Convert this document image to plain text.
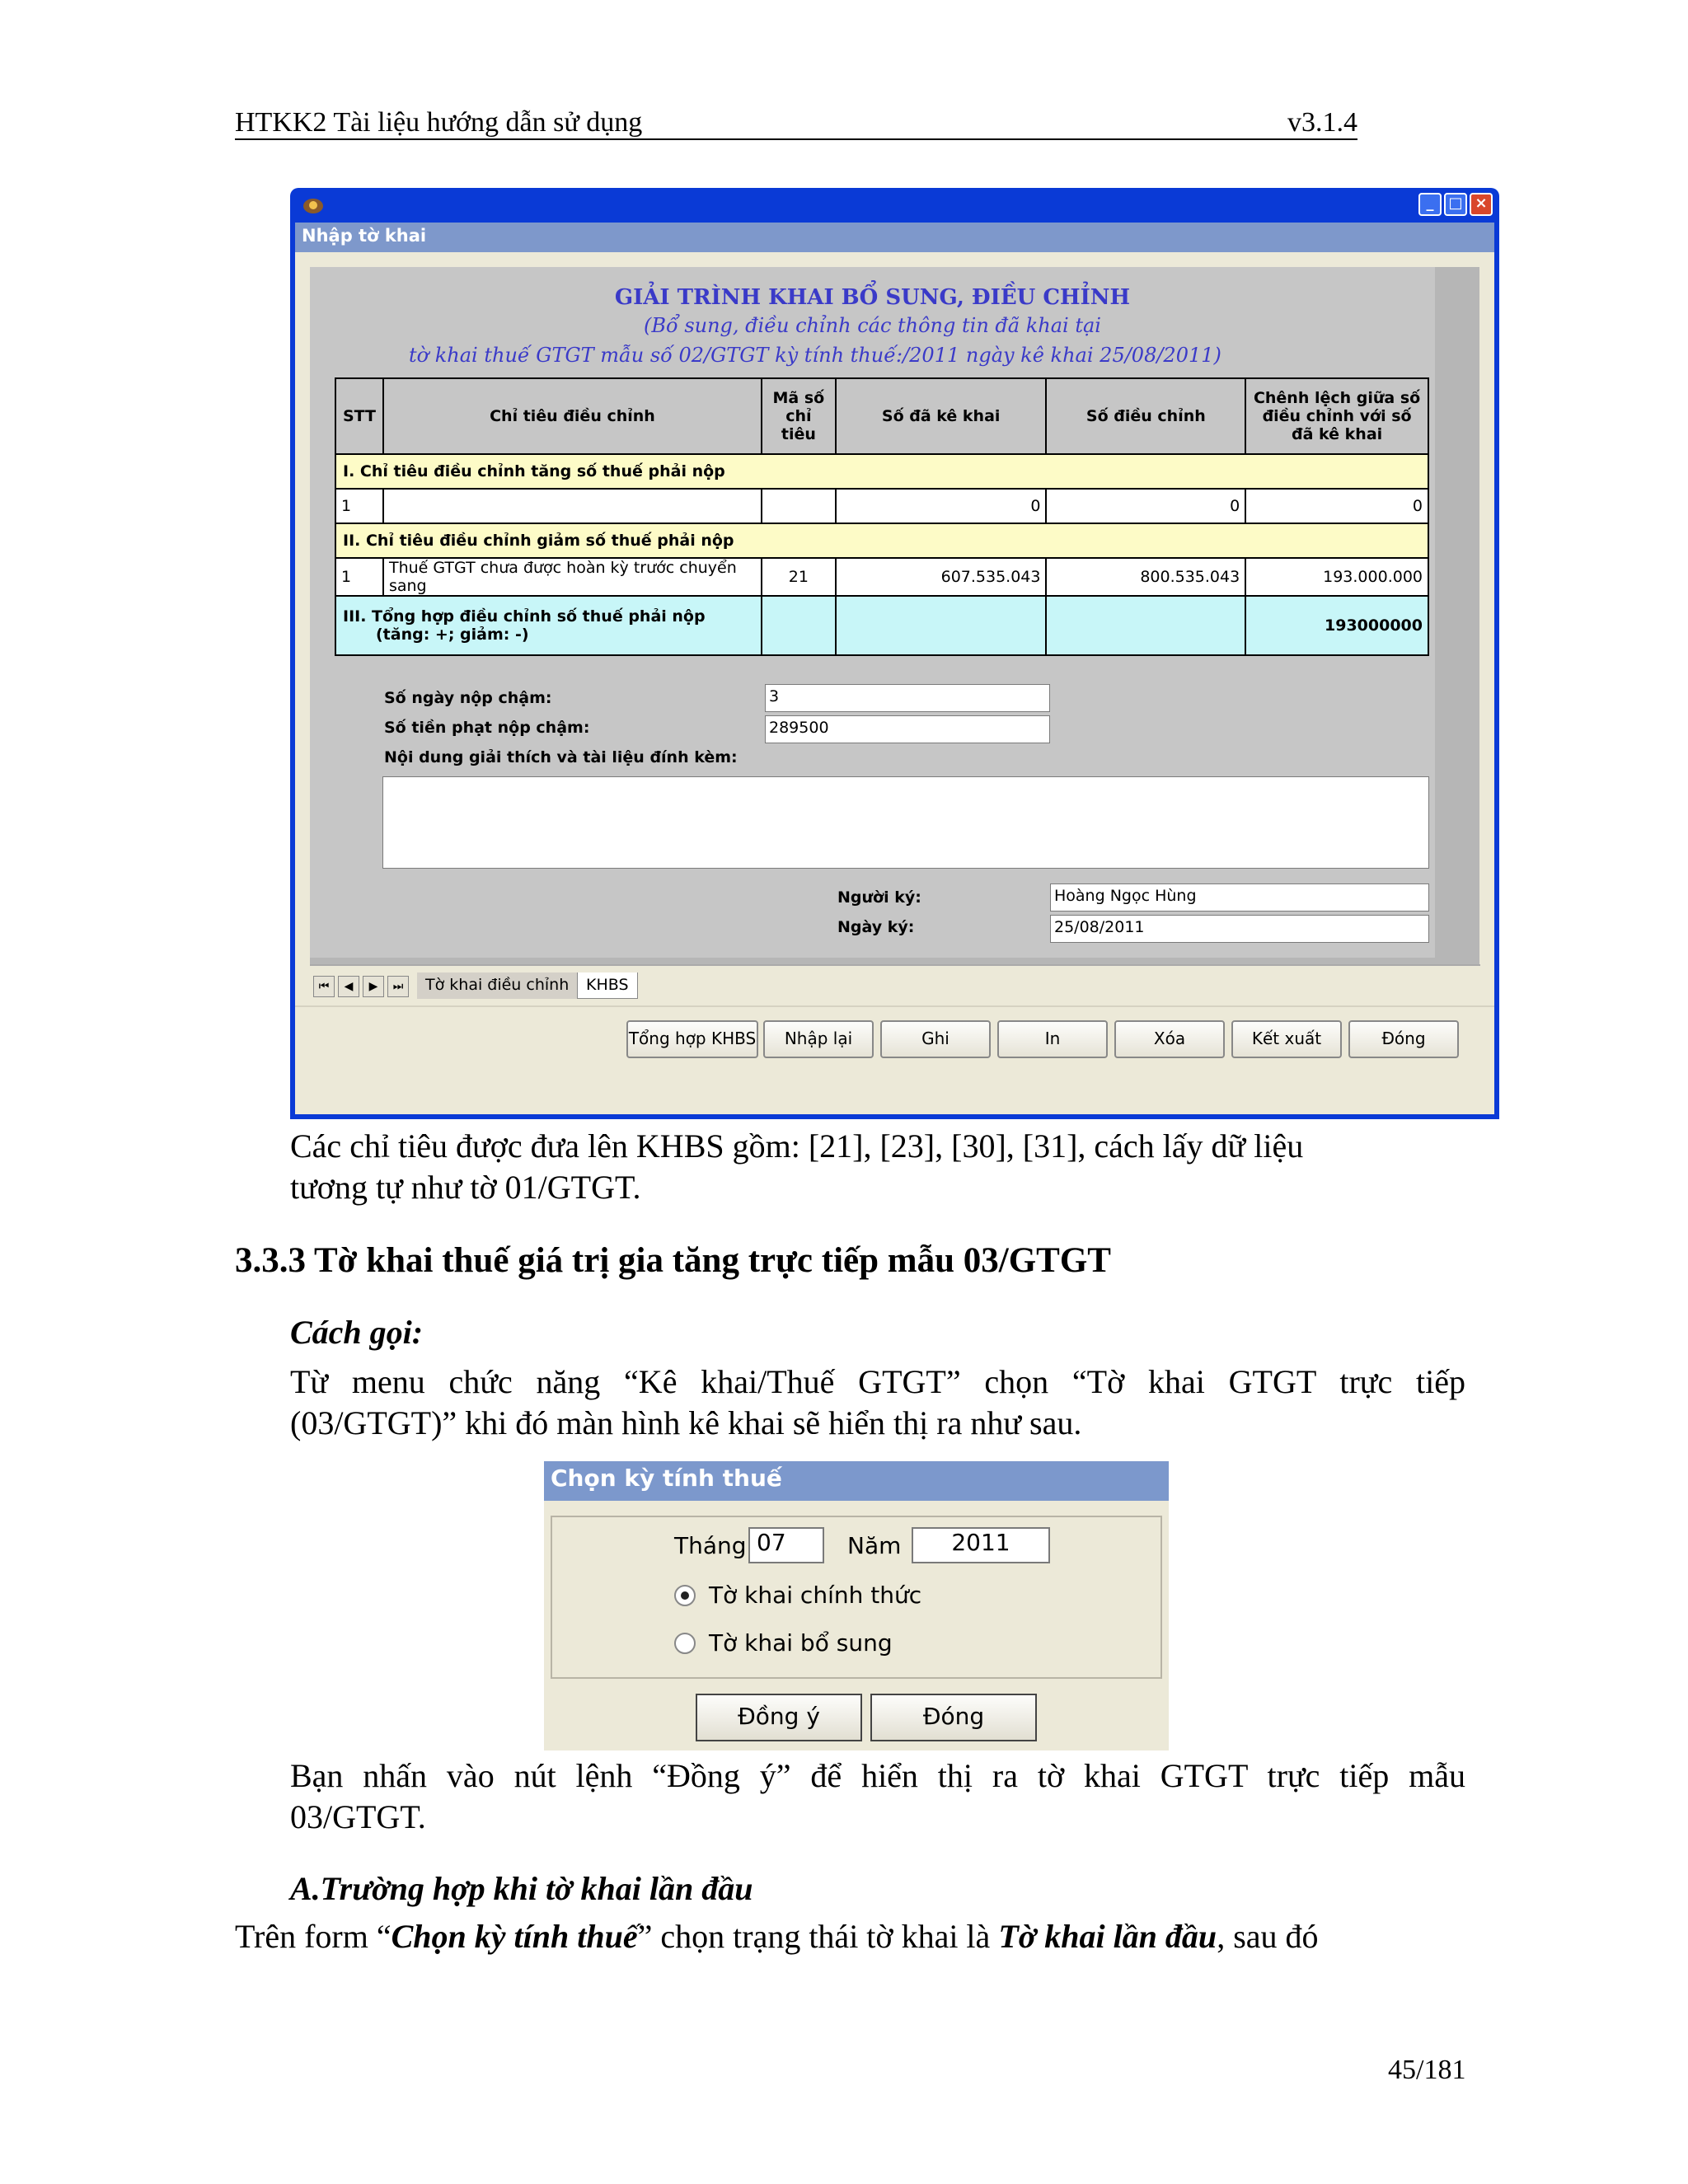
HTKK2 Tài liệu hướng dẫn sử dụng	v3.1.4
_ □ ×
Nhập tờ khai
GIẢI TRÌNH KHAI BỔ SUNG, ĐIỀU CHỈNH
(Bổ sung, điều chỉnh các thông tin đã khai tại
tờ khai thuế GTGT mẫu số 02/GTGT kỳ tính thuế:/2011 ngày kê khai 25/08/2011)
STT	Chỉ tiêu điều chỉnh	Mã số chỉ tiêu	Số đã kê khai	Số điều chỉnh	Chênh lệch giữa số điều chỉnh với số đã kê khai
I. Chỉ tiêu điều chỉnh tăng số thuế phải nộp					
1			0	0	0
II. Chỉ tiêu điều chỉnh giảm số thuế phải nộp					
1	Thuế GTGT chưa được hoàn kỳ trước chuyển sang	21	607.535.043	800.535.043	193.000.000

III. Tổng hợp điều chỉnh số thuế phải nộp
(tăng: +; giảm: -)					193000000
Số ngày nộp chậm:	3
Số tiền phạt nộp chậm:	289500
Nội dung giải thích và tài liệu đính kèm:
Người ký:	Hoàng Ngọc Hùng
Ngày ký:	25/08/2011
⏮	◀	▶	⏭	Tờ khai điều chỉnh	KHBS
Tổng hợp KHBS	Nhập lại	Ghi	In	Xóa	Kết xuất	Đóng
Các chỉ tiêu được đưa lên KHBS gồm: [21], [23], [30], [31], cách lấy dữ liệu
tương tự như tờ 01/GTGT.
3.3.3 Tờ khai thuế giá trị gia tăng trực tiếp mẫu 03/GTGT
Cách gọi:
Từ menu chức năng “Kê khai/Thuế GTGT” chọn “Tờ khai GTGT trực tiếp
(03/GTGT)” khi đó màn hình kê khai sẽ hiển thị ra như sau.
Chọn kỳ tính thuế
Tháng 07	Năm	2011
Tờ khai chính thức
Tờ khai bổ sung
Đồng ý	Đóng
Bạn nhấn vào nút lệnh “Đồng ý” để hiển thị ra tờ khai GTGT trực tiếp mẫu
03/GTGT.
A.Trường hợp khi tờ khai lần đầu
Trên form “Chọn kỳ tính thuế” chọn trạng thái tờ khai là Tờ khai lần đầu, sau đó
45/181
